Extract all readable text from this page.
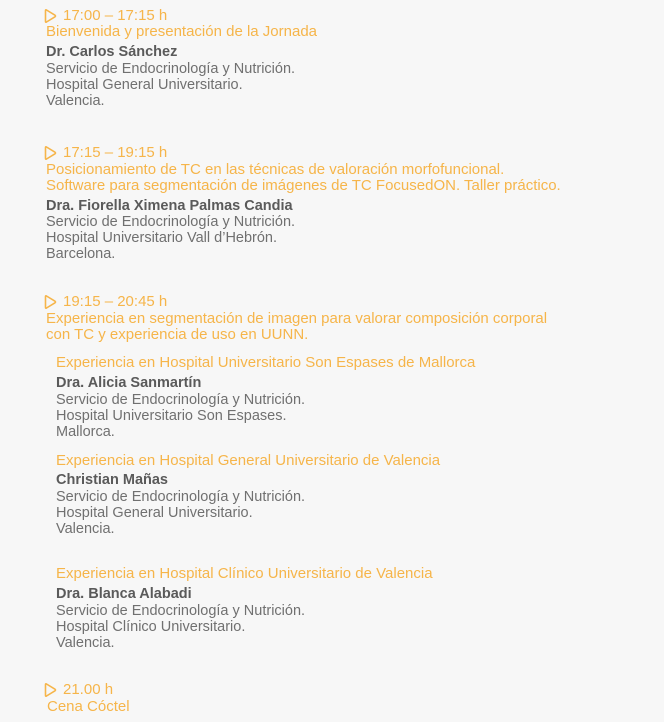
17:00 – 17:15 h
Bienvenida y presentación de la Jornada
Dr. Carlos Sánchez
Servicio de Endocrinología y Nutrición.
Hospital General Universitario.
Valencia.
17:15 – 19:15 h
Posicionamiento de TC en las técnicas de valoración morfofuncional.
Software para segmentación de imágenes de TC FocusedON. Taller práctico.
Dra. Fiorella Ximena Palmas Candia
Servicio de Endocrinología y Nutrición.
Hospital Universitario Vall d’Hebrón.
Barcelona.
19:15 – 20:45 h
Experiencia en segmentación de imagen para valorar composición corporal
con TC y experiencia de uso en UUNN.
Experiencia en Hospital Universitario Son Espases de Mallorca
Dra. Alicia Sanmartín
Servicio de Endocrinología y Nutrición.
Hospital Universitario Son Espases.
Mallorca.
Experiencia en Hospital General Universitario de Valencia
Christian Mañas
Servicio de Endocrinología y Nutrición.
Hospital General Universitario.
Valencia.
Experiencia en Hospital Clínico Universitario de Valencia
Dra. Blanca Alabadi
Servicio de Endocrinología y Nutrición.
Hospital Clínico Universitario.
Valencia.
21.00 h
Cena Cóctel
